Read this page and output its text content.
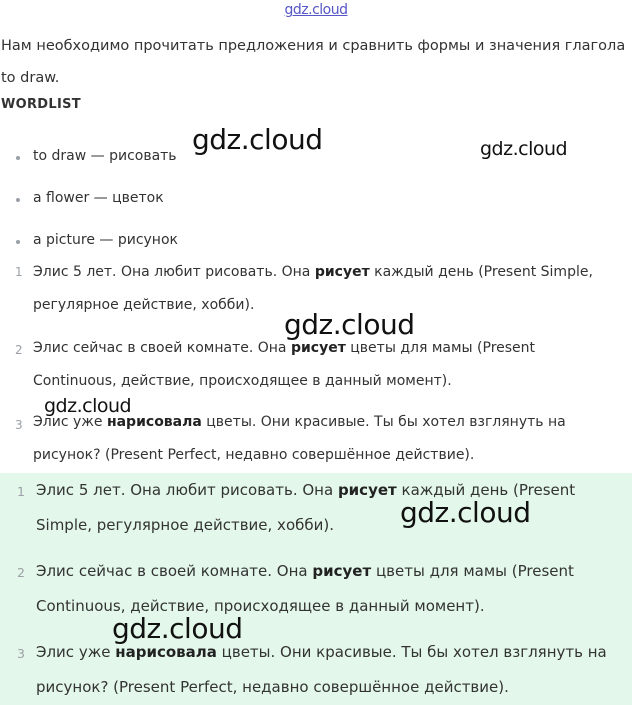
gdz.cloud
Нам необходимо прочитать предложения и сравнить формы и значения глагола to draw.
WORDLIST
to draw — рисовать
a flower — цветок
a picture — рисунок
1 Элис 5 лет. Она любит рисовать. Она рисует каждый день (Present Simple, регулярное действие, хобби).
2 Элис сейчас в своей комнате. Она рисует цветы для мамы (Present Continuous, действие, происходящее в данный момент).
3 Элис уже нарисовала цветы. Они красивые. Ты бы хотел взглянуть на рисунок? (Present Perfect, недавно совершённое действие).
1 Элис 5 лет. Она любит рисовать. Она рисует каждый день (Present Simple, регулярное действие, хобби).
2 Элис сейчас в своей комнате. Она рисует цветы для мамы (Present Continuous, действие, происходящее в данный момент).
3 Элис уже нарисовала цветы. Они красивые. Ты бы хотел взглянуть на рисунок? (Present Perfect, недавно совершённое действие).
gdz.cloud	gdz.cloud
gdz.cloud
gdz.cloud
gdz.cloud
gdz.cloud
